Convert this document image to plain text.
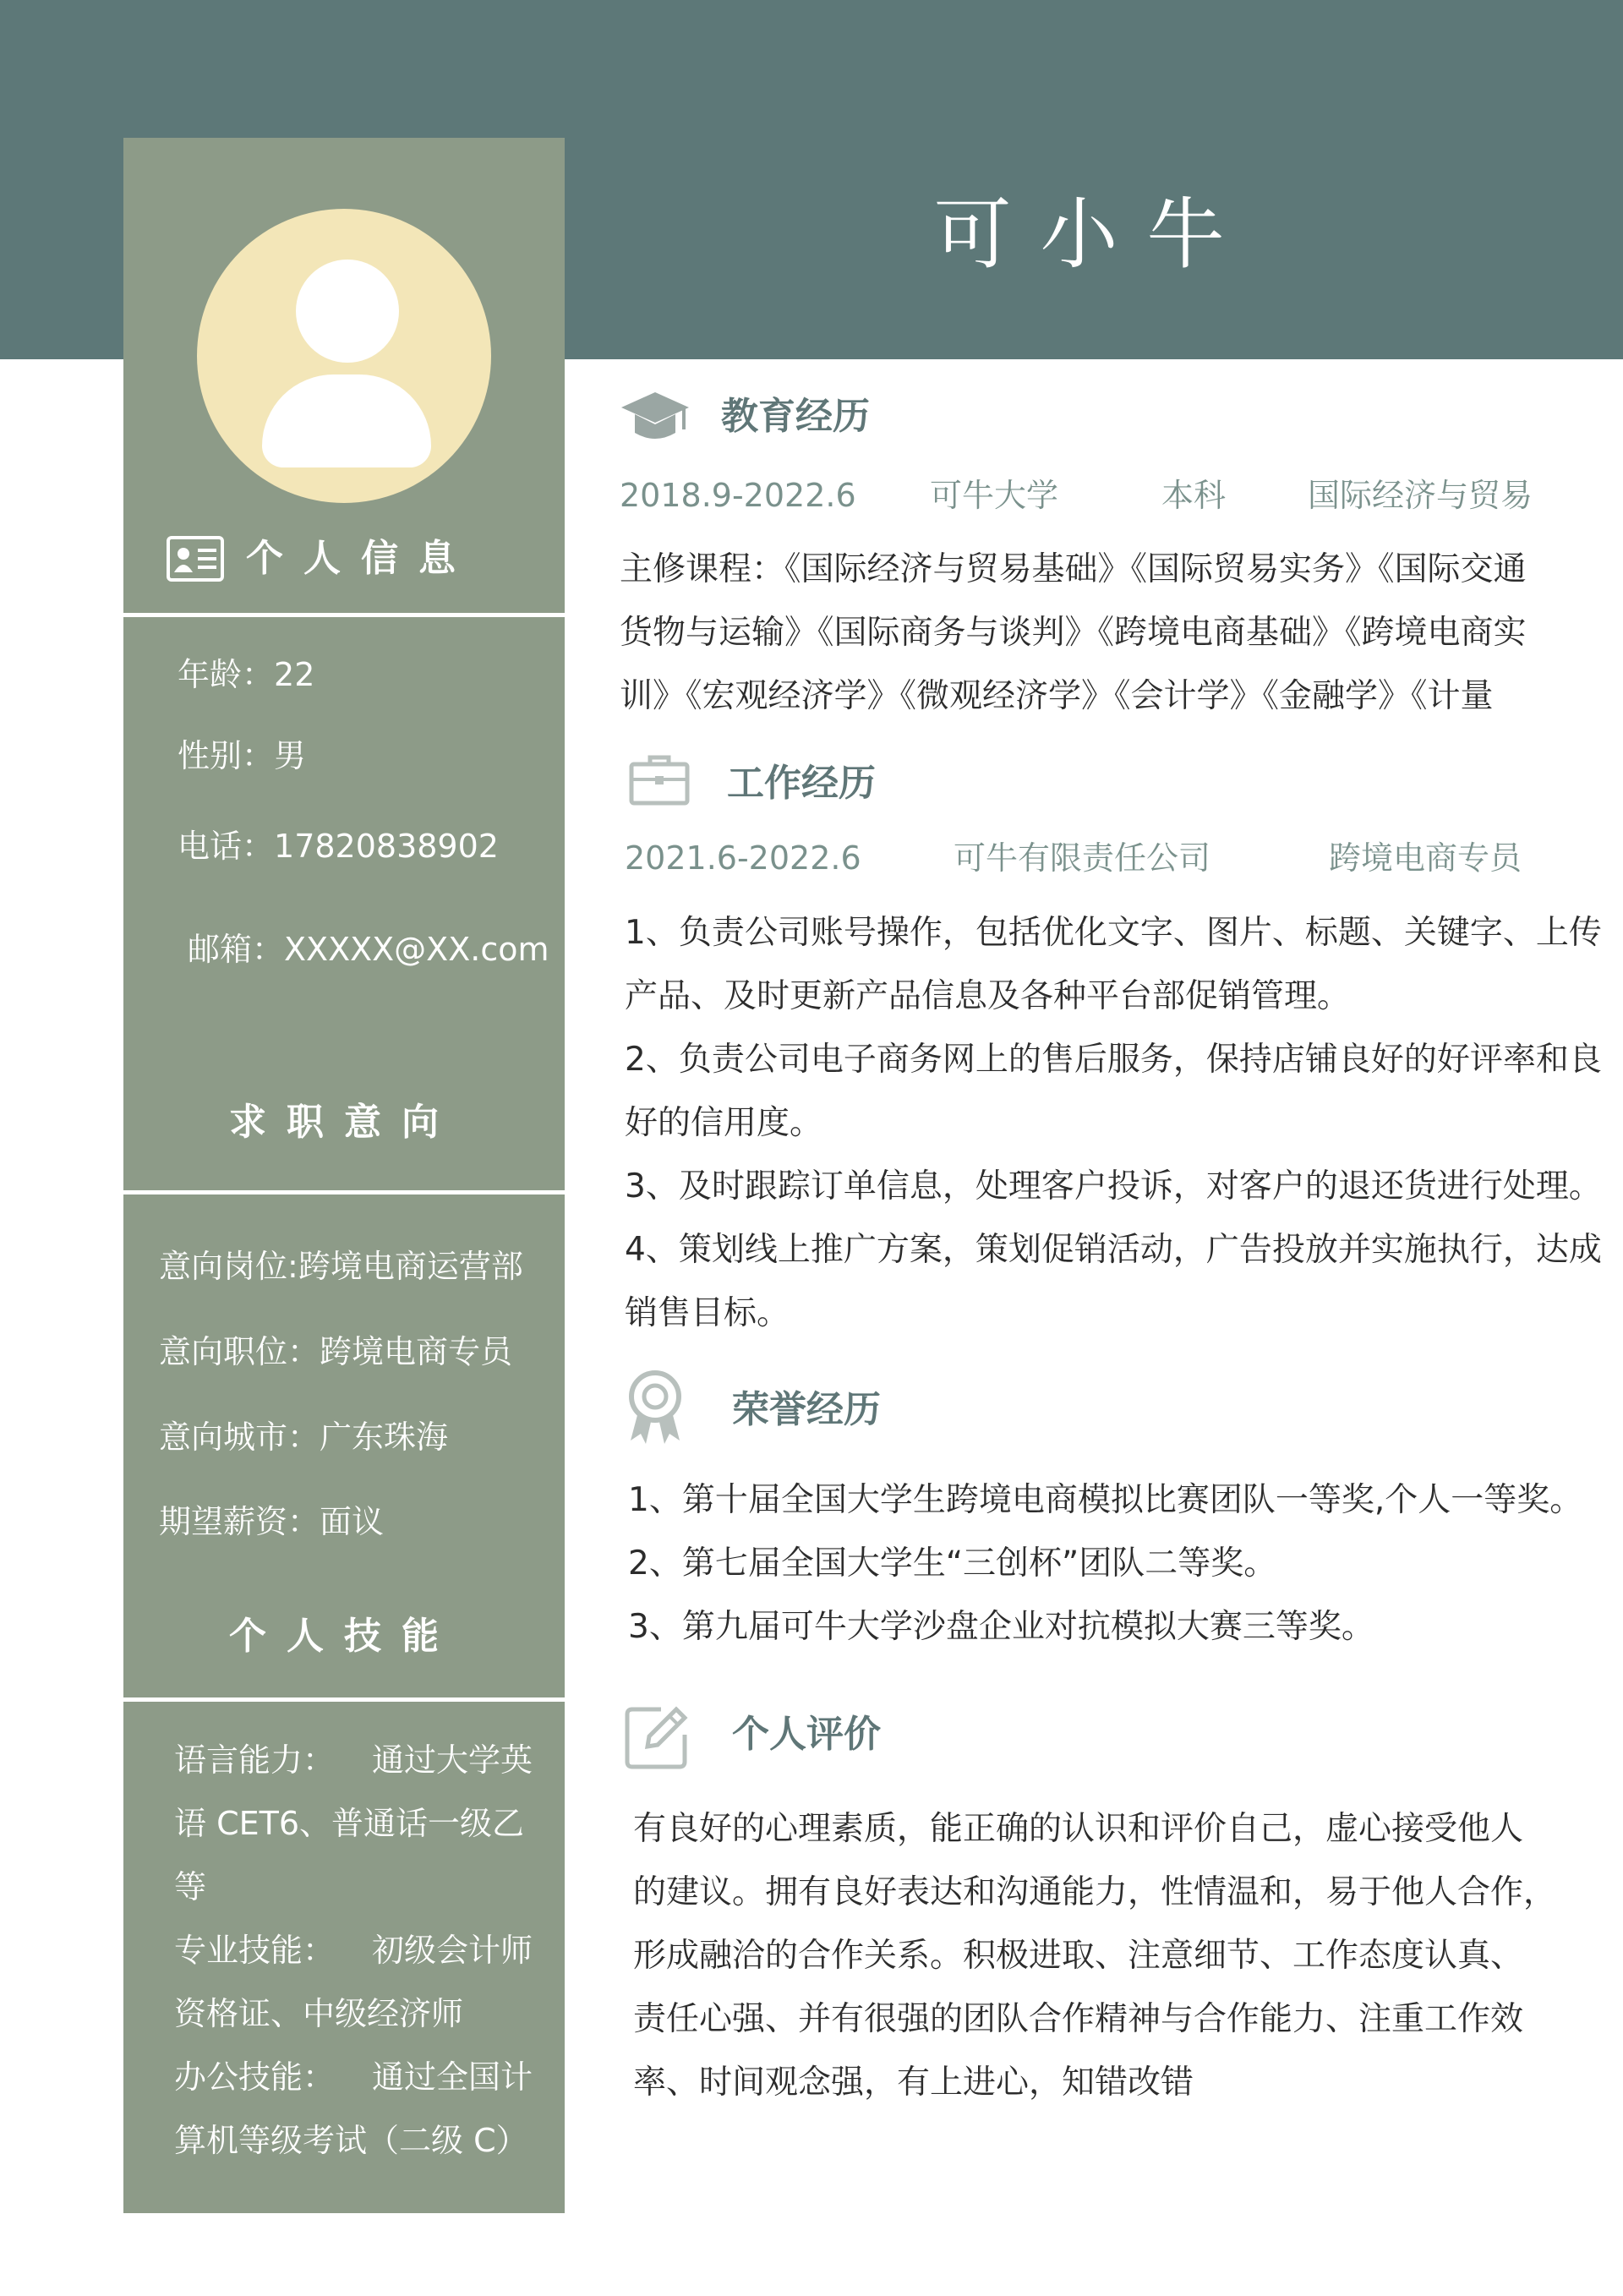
可小牛
个人信息
年龄：22
性别：男
电话：17820838902
邮箱：XXXXX@XX.com
求职意向
意向岗位:跨境电商运营部
意向职位：跨境电商专员
意向城市：广东珠海
期望薪资：面议
个人技能
语言能力： 通过大学英
语 CET6、普通话一级乙等
专业技能： 初级会计师
资格证、中级经济师
办公技能： 通过全国计
算机等级考试（二级 C）
教育经历
2018.9-2022.6 可牛大学	本科	国际经济与贸易
主修课程：《国际经济与贸易基础》《国际贸易实务》《国际交通
货物与运输》《国际商务与谈判》《跨境电商基础》《跨境电商实
训》《宏观经济学》《微观经济学》《会计学》《金融学》《计量
工作经历
2021.6-2022.6	可牛有限责任公司	跨境电商专员
1、负责公司账号操作，包括优化文字、图片、标题、关键字、上传
产品、及时更新产品信息及各种平台部促销管理。
2、负责公司电子商务网上的售后服务，保持店铺良好的好评率和良
好的信用度。
3、及时跟踪订单信息，处理客户投诉，对客户的退还货进行处理。
4、策划线上推广方案，策划促销活动，广告投放并实施执行，达成
销售目标。
荣誉经历
1、第十届全国大学生跨境电商模拟比赛团队一等奖,个人一等奖。
2、第七届全国大学生“三创杯”团队二等奖。
3、第九届可牛大学沙盘企业对抗模拟大赛三等奖。
个人评价
有良好的心理素质，能正确的认识和评价自己，虚心接受他人
的建议。拥有良好表达和沟通能力，性情温和，易于他人合作，
形成融洽的合作关系。积极进取、注意细节、工作态度认真、
责任心强、并有很强的团队合作精神与合作能力、注重工作效
率、时间观念强，有上进心，知错改错
